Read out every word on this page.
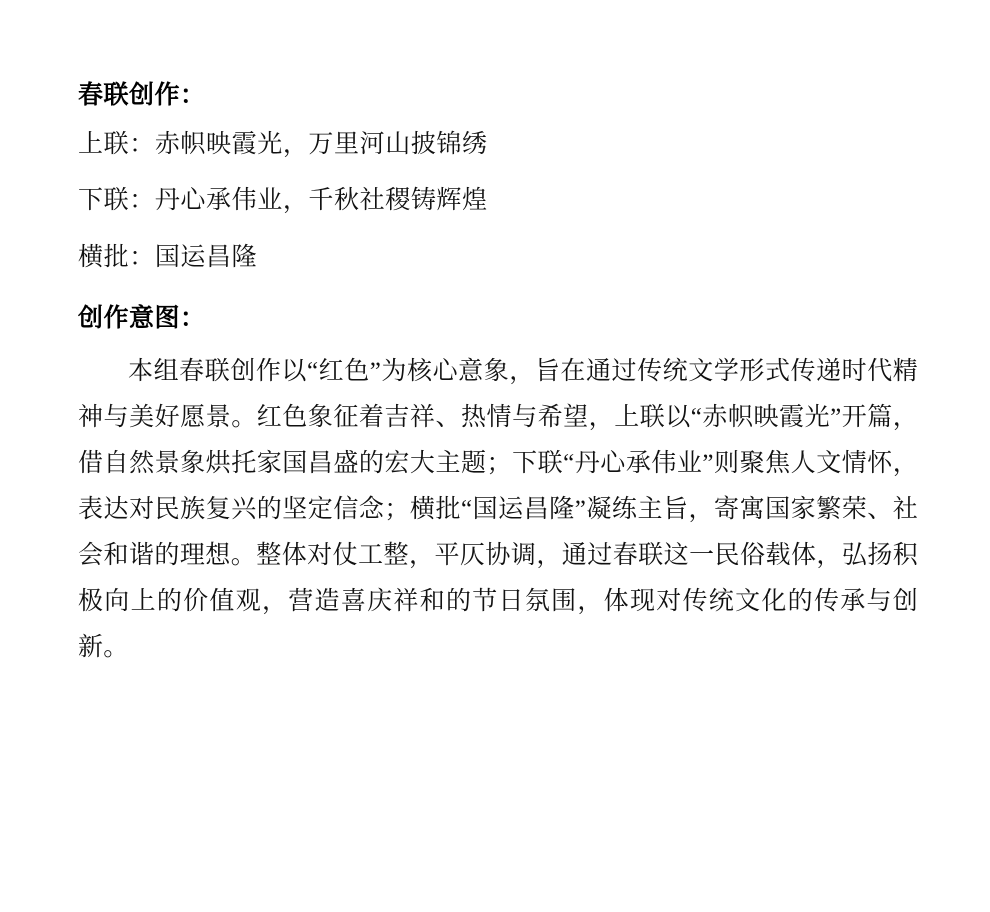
春联创作：

上联：赤帜映霞光，万里河山披锦绣

下联：丹心承伟业，千秋社稷铸辉煌

横批：国运昌隆

创作意图：

本组春联创作以“红色”为核心意象，旨在通过传统文学形式传递时代精神与美好愿景。红色象征着吉祥、热情与希望，上联以“赤帜映霞光”开篇，借自然景象烘托家国昌盛的宏大主题；下联“丹心承伟业”则聚焦人文情怀，表达对民族复兴的坚定信念；横批“国运昌隆”凝练主旨，寄寓国家繁荣、社会和谐的理想。整体对仗工整，平仄协调，通过春联这一民俗载体，弘扬积极向上的价值观，营造喜庆祥和的节日氛围，体现对传统文化的传承与创新。
